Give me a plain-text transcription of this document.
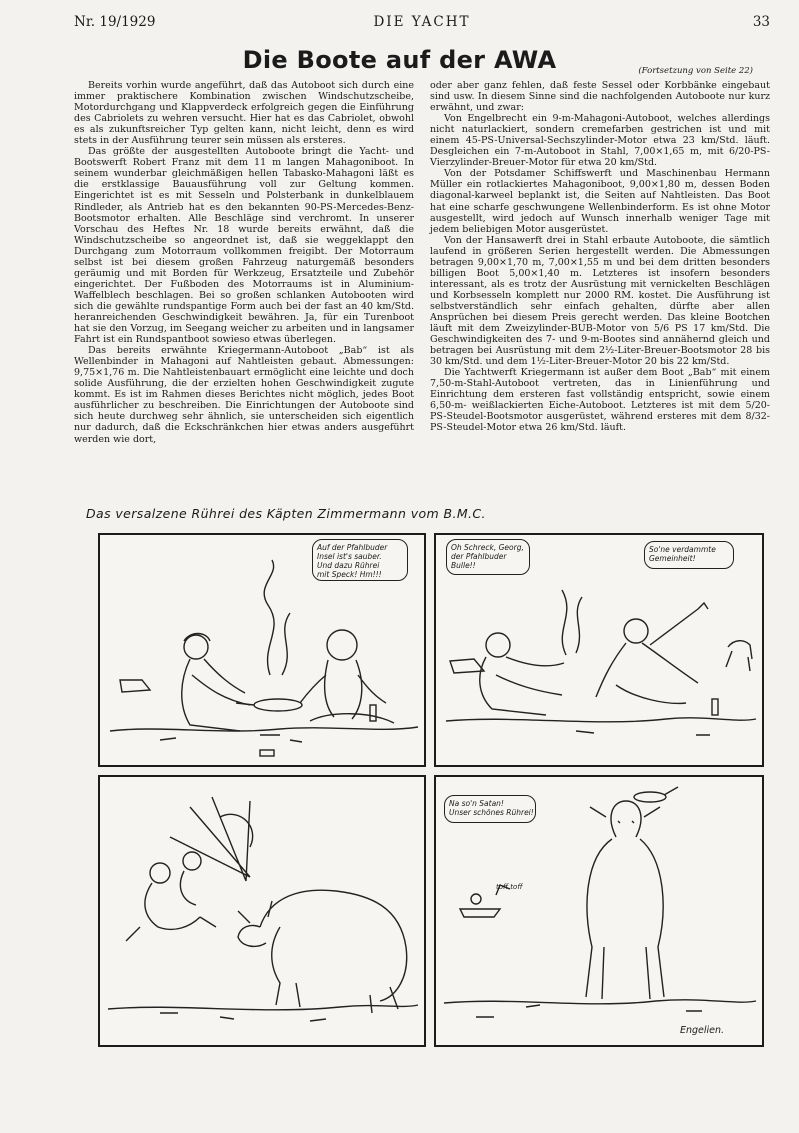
Nr. 19/1929	DIE YACHT	33
Die Boote auf der AWA	(Fortsetzung von Seite 22)

Bereits vorhin wurde angeführt, daß das Autoboot sich durch eine immer praktischere Kombination zwischen Windschutzscheibe, Motordurchgang und Klappverdeck erfolgreich gegen die Einführung des Cabriolets zu wehren versucht. Hier hat es das Cabriolet, obwohl es als zukunftsreicher Typ gelten kann, nicht leicht, denn es wird stets in der Ausführung teurer sein müssen als ersteres.

Das größte der ausgestellten Autoboote bringt die Yacht- und Bootswerft Robert Franz mit dem 11 m langen Mahagoniboot. In seinem wunderbar gleichmäßigen hellen Tabasko-Mahagoni läßt es die erstklassige Bauausführung voll zur Geltung kommen. Eingerichtet ist es mit Sesseln und Polsterbank in dunkelblauem Rindleder, als Antrieb hat es den bekannten 90-PS-Mercedes-Benz-Bootsmotor erhalten. Alle Beschläge sind verchromt. In unserer Vorschau des Heftes Nr. 18 wurde bereits erwähnt, daß die Windschutzscheibe so angeordnet ist, daß sie weggeklappt den Durchgang zum Motorraum vollkommen freigibt. Der Motorraum selbst ist bei diesem großen Fahrzeug naturgemäß besonders geräumig und mit Borden für Werkzeug, Ersatzteile und Zubehör eingerichtet. Der Fußboden des Motorraums ist in Aluminium-Waffelblech beschlagen. Bei so großen schlanken Autobooten wird sich die gewählte rundspantige Form auch bei der fast an 40 km/Std. heranreichenden Geschwindigkeit bewähren. Ja, für ein Turenboot hat sie den Vorzug, im Seegang weicher zu arbeiten und in langsamer Fahrt ist ein Rundspantboot sowieso etwas überlegen.

Das bereits erwähnte Kriegermann-Autoboot „Bab“ ist als Wellenbinder in Mahagoni auf Nahtleisten gebaut. Abmessungen: 9,75×1,76 m. Die Nahtleistenbauart ermöglicht eine leichte und doch solide Ausführung, die der erzielten hohen Geschwindigkeit zugute kommt. Es ist im Rahmen dieses Berichtes nicht möglich, jedes Boot ausführlicher zu beschreiben. Die Einrichtungen der Autoboote sind sich heute durchweg sehr ähnlich, sie unterscheiden sich eigentlich nur dadurch, daß die Eckschränkchen hier etwas anders ausgeführt werden wie dort,

oder aber ganz fehlen, daß feste Sessel oder Korbbänke eingebaut sind usw. In diesem Sinne sind die nachfolgenden Autoboote nur kurz erwähnt, und zwar:

Von Engelbrecht ein 9-m-Mahagoni-Autoboot, welches allerdings nicht naturlackiert, sondern cremefarben gestrichen ist und mit einem 45-PS-Universal-Sechszylinder-Motor etwa 23 km/Std. läuft. Desgleichen ein 7-m-Autoboot in Stahl, 7,00×1,65 m, mit 6/20-PS-Vierzylinder-Breuer-Motor für etwa 20 km/Std.

Von der Potsdamer Schiffswerft und Maschinenbau Hermann Müller ein rotlackiertes Mahagoniboot, 9,00×1,80 m, dessen Boden diagonal-karweel beplankt ist, die Seiten auf Nahtleisten. Das Boot hat eine scharfe geschwungene Wellenbinderform. Es ist ohne Motor ausgestellt, wird jedoch auf Wunsch innerhalb weniger Tage mit jedem beliebigen Motor ausgerüstet.

Von der Hansawerft drei in Stahl erbaute Autoboote, die sämtlich laufend in größeren Serien hergestellt werden. Die Abmessungen betragen 9,00×1,70 m, 7,00×1,55 m und bei dem dritten besonders billigen Boot 5,00×1,40 m. Letzteres ist insofern besonders interessant, als es trotz der Ausrüstung mit vernickelten Beschlägen und Korbsesseln komplett nur 2000 RM. kostet. Die Ausführung ist selbstverständlich sehr einfach gehalten, dürfte aber allen Ansprüchen bei diesem Preis gerecht werden. Das kleine Bootchen läuft mit dem Zweizylinder-BUB-Motor von 5/6 PS 17 km/Std. Die Geschwindigkeiten des 7- und 9-m-Bootes sind annähernd gleich und betragen bei Ausrüstung mit dem 2½-Liter-Breuer-Bootsmotor 28 bis 30 km/Std. und dem 1½-Liter-Breuer-Motor 20 bis 22 km/Std.

Die Yachtwerft Kriegermann ist außer dem Boot „Bab“ mit einem 7,50-m-Stahl-Autoboot vertreten, das in Linienführung und Einrichtung dem ersteren fast vollständig entspricht, sowie einem 6,50-m- weißlackierten Eiche-Autoboot. Letzteres ist mit dem 5/20-PS-Steudel-Bootsmotor ausgerüstet, während ersteres mit dem 8/32-PS-Steudel-Motor etwa 26 km/Std. läuft.

Das versalzene Rührei des Käpten Zimmermann vom B.M.C.
Auf der Pfahlbuder
Insel ist's sauber.
Und dazu Rührei
mit Speck! Hm!!!
Oh Schreck, Georg,
der Pfahlbuder
Bulle!!
So'ne verdammte
Gemeinheit!
Na so'n Satan!
Unser schönes Rührei!
toff toff
Engelien.
